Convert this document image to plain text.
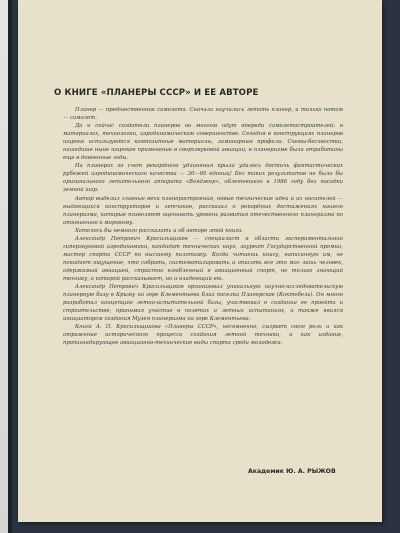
ИСТОРИЯ КОНСТРУКЦИЙ
О КНИГЕ «ПЛАНЕРЫ СССР» И ЕЕ АВТОРЕ

Планер — предшественник самолета. Сначала научились летать планер, и только потом — самолет.

Да и сейчас создатели планеров во многом идут впереди самолетостроителей: в материалах, технологии, аэродинамическом совершенстве. Сегодня в конструкциях планеров широко используются композитные материалы, ламинарные профили. Схемы-бесхвостки, нашедшие ныне широкое применение в сверхзвуковой авиации, в планеризме были отработаны еще в довоенные годы.

На планерах за счет рекордного удлинения крыла удалось достичь фантастических рубежей аэродинамического качества — 30—60 единиц! Бег таких результатов не было бы оригинального летательного аппарата «Вояджер», облетевшего в 1986 году без посадки земной шар.

Автор выделил главные вехи планеростроения, новые технические идеи и их носителей — выдающихся конструкторов и летчиков, рассказал о рекордных достижениях нашего планеризма, которые позволяют оценивать уровень развития отечественного планеризма по отношению к мировому.

Хотелось бы немного рассказать и об авторе этой книги.

Александр Петрович Красильщиков — специалист в области экспериментальной гиперзвуковой аэродинамики, кандидат технических наук, лауреат Государственной премии, мастер спорта СССР по высшему пилотажу. Когда читаешь книгу, написанную им, не покидает ощущение, что собрать, систематизировать и описать все это мог лишь человек, одержимый авиацией, страстно влюбленный в авиационный спорт, не только знающий технику, о которой рассказывает, но и владеющий ею.

Александр Петрович Красильщиков организовал уникальную научно-исследовательскую планерную базу в Крыму на горе Клементьева близ поселка Планерское (Коктебель). Он много разработал концепцию летно-испытательной базы, участвовал в создании ее проекта и строительстве, принимая участие в полетах и летных испытаниях, а также явился инициатором создания Музея планеризма на горе Клементьева.

Книга А. П. Красильщикова «Планеры СССР», несомненно, сыграет свою роль и как отражение исторического процесса создания летной техники, и как издание, пропагандирующее авиационно-технические виды спорта среди молодежи.

Академик Ю. А. РЫЖОВ
